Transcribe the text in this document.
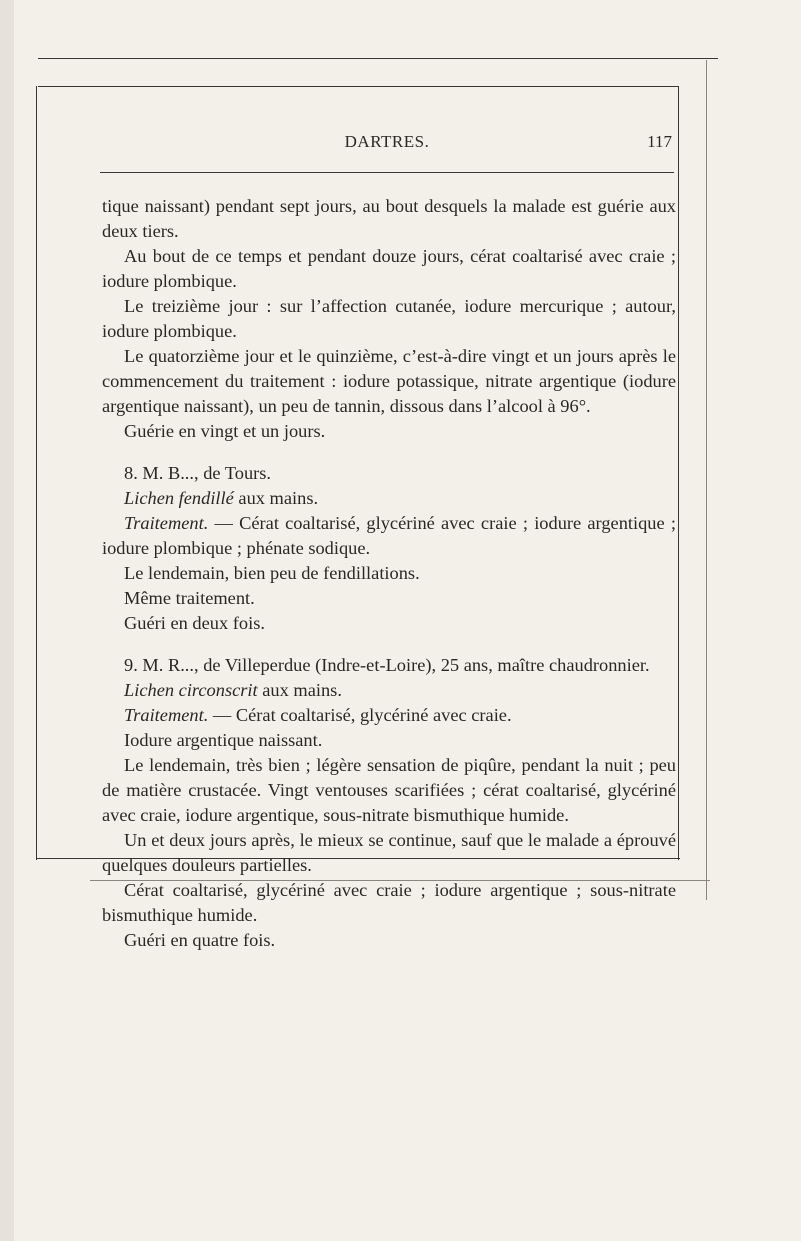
DARTRES.	117

tique naissant) pendant sept jours, au bout desquels la malade est guérie aux deux tiers.

Au bout de ce temps et pendant douze jours, cérat coaltarisé avec craie ; iodure plombique.

Le treizième jour : sur l’affection cutanée, iodure mercurique ; autour, iodure plombique.

Le quatorzième jour et le quinzième, c’est-à-dire vingt et un jours après le commencement du traitement : iodure potassique, nitrate argentique (iodure argentique naissant), un peu de tannin, dissous dans l’alcool à 96°.

Guérie en vingt et un jours.

8. M. B..., de Tours.

Lichen fendillé aux mains.

Traitement. — Cérat coaltarisé, glycériné avec craie ; iodure argentique ; iodure plombique ; phénate sodique.

Le lendemain, bien peu de fendillations.

Même traitement.

Guéri en deux fois.

9. M. R..., de Villeperdue (Indre-et-Loire), 25 ans, maître chaudronnier.

Lichen circonscrit aux mains.

Traitement. — Cérat coaltarisé, glycériné avec craie.

Iodure argentique naissant.

Le lendemain, très bien ; légère sensation de piqûre, pendant la nuit ; peu de matière crustacée. Vingt ventouses scarifiées ; cérat coaltarisé, glycériné avec craie, iodure argentique, sous-nitrate bismuthique humide.

Un et deux jours après, le mieux se continue, sauf que le malade a éprouvé quelques douleurs partielles.

Cérat coaltarisé, glycériné avec craie ; iodure argentique ; sous-nitrate bismuthique humide.

Guéri en quatre fois.
